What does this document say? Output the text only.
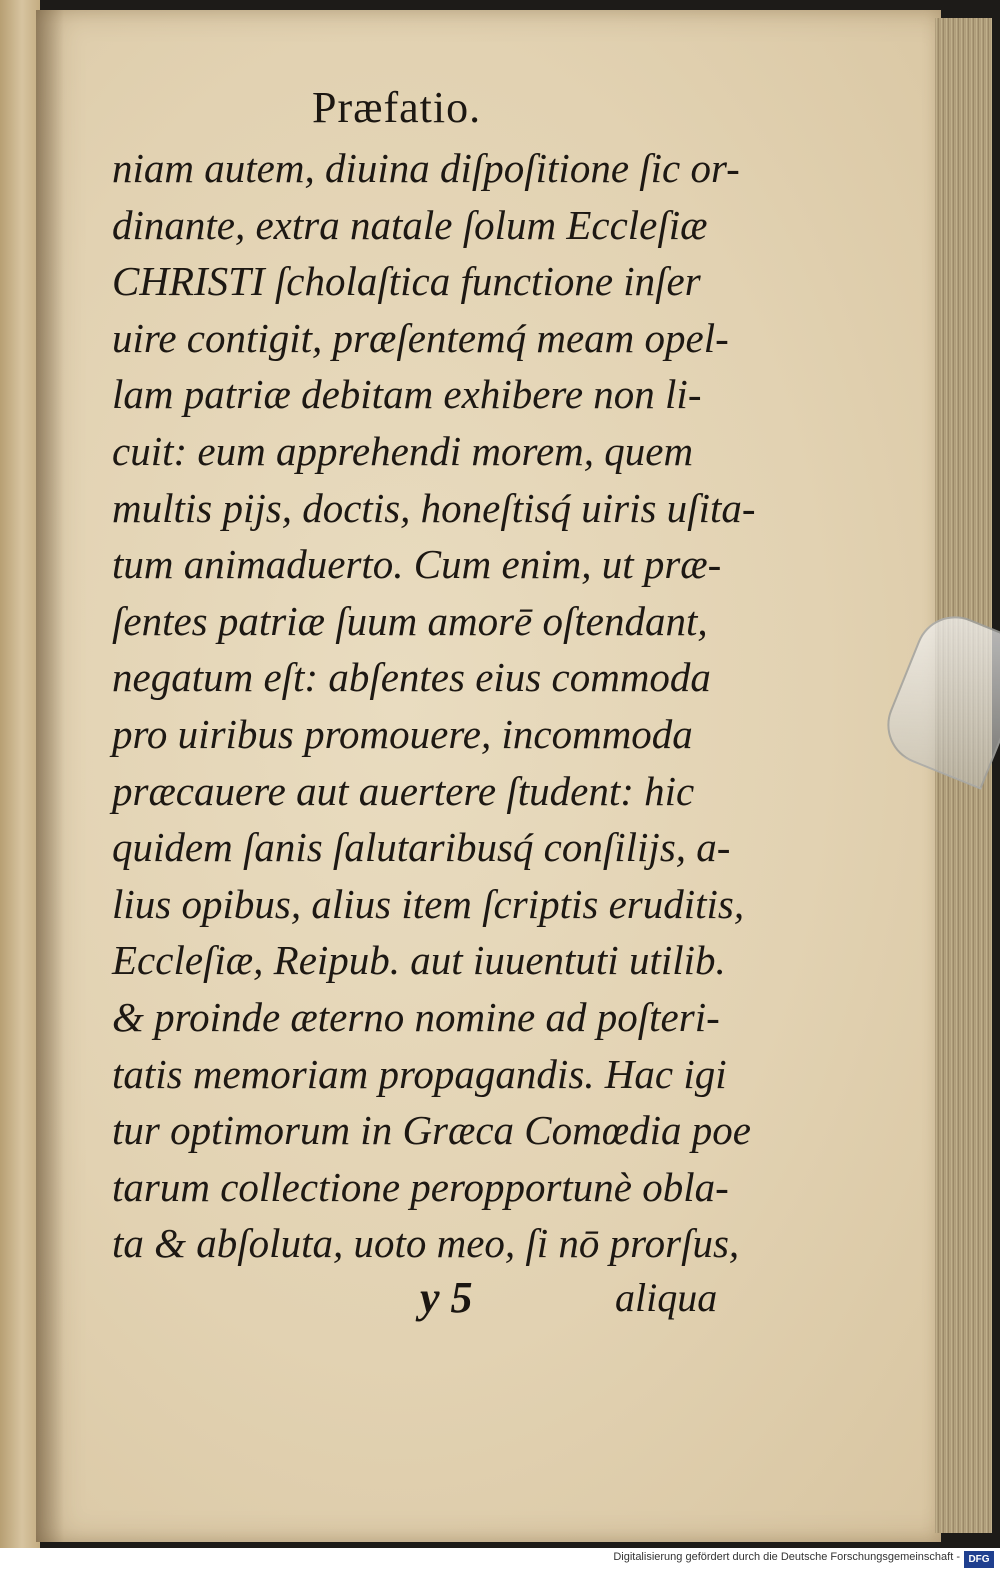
Præfatio.
niam autem, diuina diſpoſitione ſic or-
dinante, extra natale ſolum Eccleſiæ
CHRISTI ſcholaſtica functione inſer
uire contigit, præſentemq́ meam opel-
lam patriæ debitam exhibere non li-
cuit: eum apprehendi morem, quem
multis pijs, doctis, honeſtisq́ uiris uſita-
tum animaduerto. Cum enim, ut præ-
ſentes patriæ ſuum amorē oſtendant,
negatum eſt: abſentes eius commoda
pro uiribus promouere, incommoda
præcauere aut auertere ſtudent: hic
quidem ſanis ſalutaribusq́ conſilijs, a-
lius opibus, alius item ſcriptis eruditis,
Eccleſiæ, Reipub. aut iuuentuti utilib.
& proinde æterno nomine ad poſteri-
tatis memoriam propagandis. Hac igi
tur optimorum in Græca Comœdia poe
tarum collectione peropportunè obla-
ta & abſoluta, uoto meo, ſi nō prorſus,
y 5	aliqua
Digitalisierung gefördert durch die Deutsche Forschungsgemeinschaft - DFG
